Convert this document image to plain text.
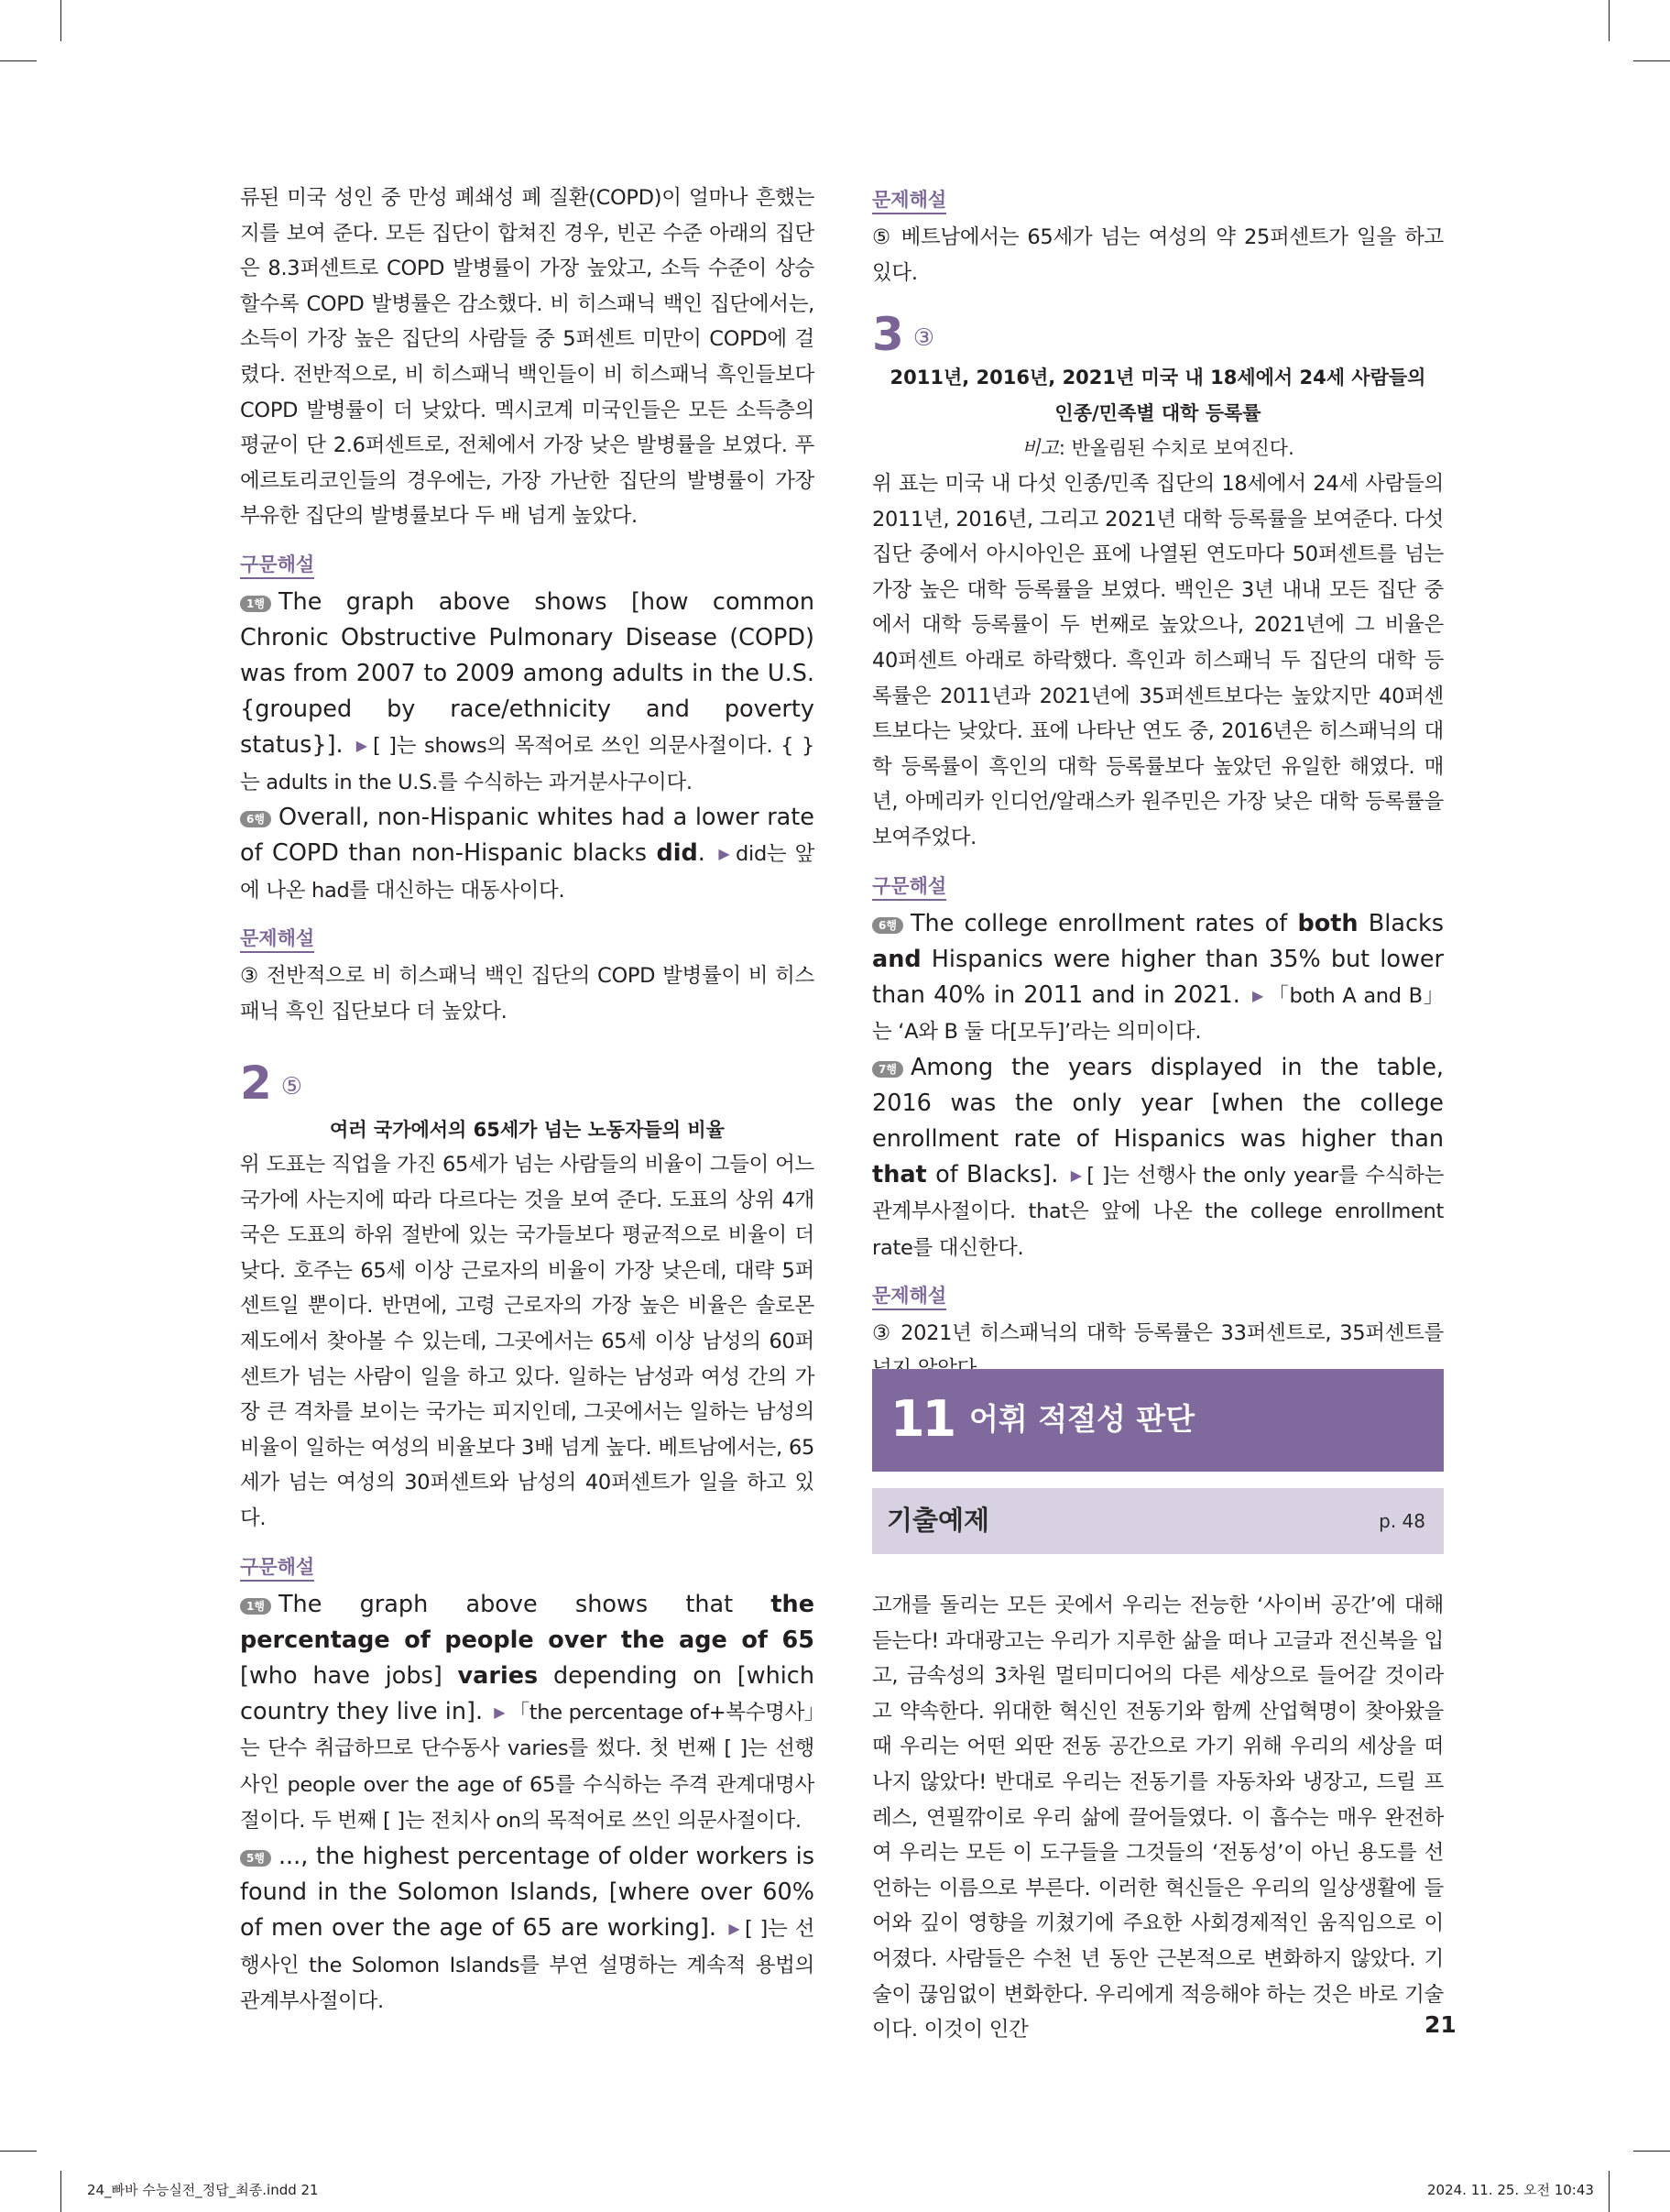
류된 미국 성인 중 만성 폐쇄성 폐 질환(COPD)이 얼마나 흔했는지를 보여 준다. 모든 집단이 합쳐진 경우, 빈곤 수준 아래의 집단은 8.3퍼센트로 COPD 발병률이 가장 높았고, 소득 수준이 상승할수록 COPD 발병률은 감소했다. 비 히스패닉 백인 집단에서는, 소득이 가장 높은 집단의 사람들 중 5퍼센트 미만이 COPD에 걸렸다. 전반적으로, 비 히스패닉 백인들이 비 히스패닉 흑인들보다 COPD 발병률이 더 낮았다. 멕시코계 미국인들은 모든 소득층의 평균이 단 2.6퍼센트로, 전체에서 가장 낮은 발병률을 보였다. 푸에르토리코인들의 경우에는, 가장 가난한 집단의 발병률이 가장 부유한 집단의 발병률보다 두 배 넘게 높았다.

구문해설

1행 The graph above shows [how common Chronic Obstructive Pulmonary Disease (COPD) was from 2007 to 2009 among adults in the U.S. {grouped by race/ethnicity and poverty status}]. ▶ [ ]는 shows의 목적어로 쓰인 의문사절이다. { }는 adults in the U.S.를 수식하는 과거분사구이다.

6행 Overall, non-Hispanic whites had a lower rate of COPD than non-Hispanic blacks did. ▶ did는 앞에 나온 had를 대신하는 대동사이다.

문제해설

③ 전반적으로 비 히스패닉 백인 집단의 COPD 발병률이 비 히스패닉 흑인 집단보다 더 높았다.

2 ⑤

여러 국가에서의 65세가 넘는 노동자들의 비율

위 도표는 직업을 가진 65세가 넘는 사람들의 비율이 그들이 어느 국가에 사는지에 따라 다르다는 것을 보여 준다. 도표의 상위 4개국은 도표의 하위 절반에 있는 국가들보다 평균적으로 비율이 더 낮다. 호주는 65세 이상 근로자의 비율이 가장 낮은데, 대략 5퍼센트일 뿐이다. 반면에, 고령 근로자의 가장 높은 비율은 솔로몬 제도에서 찾아볼 수 있는데, 그곳에서는 65세 이상 남성의 60퍼센트가 넘는 사람이 일을 하고 있다. 일하는 남성과 여성 간의 가장 큰 격차를 보이는 국가는 피지인데, 그곳에서는 일하는 남성의 비율이 일하는 여성의 비율보다 3배 넘게 높다. 베트남에서는, 65세가 넘는 여성의 30퍼센트와 남성의 40퍼센트가 일을 하고 있다.

구문해설

1행 The graph above shows that the percentage of people over the age of 65 [who have jobs] varies depending on [which country they live in]. ▶ 「the percentage of+복수명사」는 단수 취급하므로 단수동사 varies를 썼다. 첫 번째 [ ]는 선행사인 people over the age of 65를 수식하는 주격 관계대명사절이다. 두 번째 [ ]는 전치사 on의 목적어로 쓰인 의문사절이다.

5행 ..., the highest percentage of older workers is found in the Solomon Islands, [where over 60% of men over the age of 65 are working]. ▶ [ ]는 선행사인 the Solomon Islands를 부연 설명하는 계속적 용법의 관계부사절이다.

문제해설

⑤ 베트남에서는 65세가 넘는 여성의 약 25퍼센트가 일을 하고 있다.

3 ③

2011년, 2016년, 2021년 미국 내 18세에서 24세 사람들의

인종/민족별 대학 등록률

비고: 반올림된 수치로 보여진다.

위 표는 미국 내 다섯 인종/민족 집단의 18세에서 24세 사람들의 2011년, 2016년, 그리고 2021년 대학 등록률을 보여준다. 다섯 집단 중에서 아시아인은 표에 나열된 연도마다 50퍼센트를 넘는 가장 높은 대학 등록률을 보였다. 백인은 3년 내내 모든 집단 중에서 대학 등록률이 두 번째로 높았으나, 2021년에 그 비율은 40퍼센트 아래로 하락했다. 흑인과 히스패닉 두 집단의 대학 등록률은 2011년과 2021년에 35퍼센트보다는 높았지만 40퍼센트보다는 낮았다. 표에 나타난 연도 중, 2016년은 히스패닉의 대학 등록률이 흑인의 대학 등록률보다 높았던 유일한 해였다. 매년, 아메리카 인디언/알래스카 원주민은 가장 낮은 대학 등록률을 보여주었다.

구문해설

6행 The college enrollment rates of both Blacks and Hispanics were higher than 35% but lower than 40% in 2011 and in 2021. ▶ 「both A and B」는 ‘A와 B 둘 다[모두]’라는 의미이다.

7행 Among the years displayed in the table, 2016 was the only year [when the college enrollment rate of Hispanics was higher than that of Blacks]. ▶ [ ]는 선행사 the only year를 수식하는 관계부사절이다. that은 앞에 나온 the college enrollment rate를 대신한다.

문제해설

③ 2021년 히스패닉의 대학 등록률은 33퍼센트로, 35퍼센트를

11 어휘 적절성 판단
기출예제	p. 48

고개를 돌리는 모든 곳에서 우리는 전능한 ‘사이버 공간’에 대해 듣는다! 과대광고는 우리가 지루한 삶을 떠나 고글과 전신복을 입고, 금속성의 3차원 멀티미디어의 다른 세상으로 들어갈 것이라고 약속한다. 위대한 혁신인 전동기와 함께 산업혁명이 찾아왔을 때 우리는 어떤 외딴 전동 공간으로 가기 위해 우리의 세상을 떠나지 않았다! 반대로 우리는 전동기를 자동차와 냉장고, 드릴 프레스, 연필깎이로 우리 삶에 끌어들였다. 이 흡수는 매우 완전하여 우리는 모든 이 도구들을 그것들의 ‘전동성’이 아닌 용도를 선언하는 이름으로 부른다. 이러한 혁신들은 우리의 일상생활에 들어와 깊이 영향을 끼쳤기에 주요한 사회경제적인 움직임으로 이어졌다. 사람들은 수천 년 동안 근본적으로 변화하지 않았다. 기술이 끊임없이 변화한다. 우리에게 적응해야 하는 것은 바로 기술이다. 이것이 인간	21
24_빠바 수능실전_정답_최종.indd 21	2024. 11. 25. 오전 10:43
